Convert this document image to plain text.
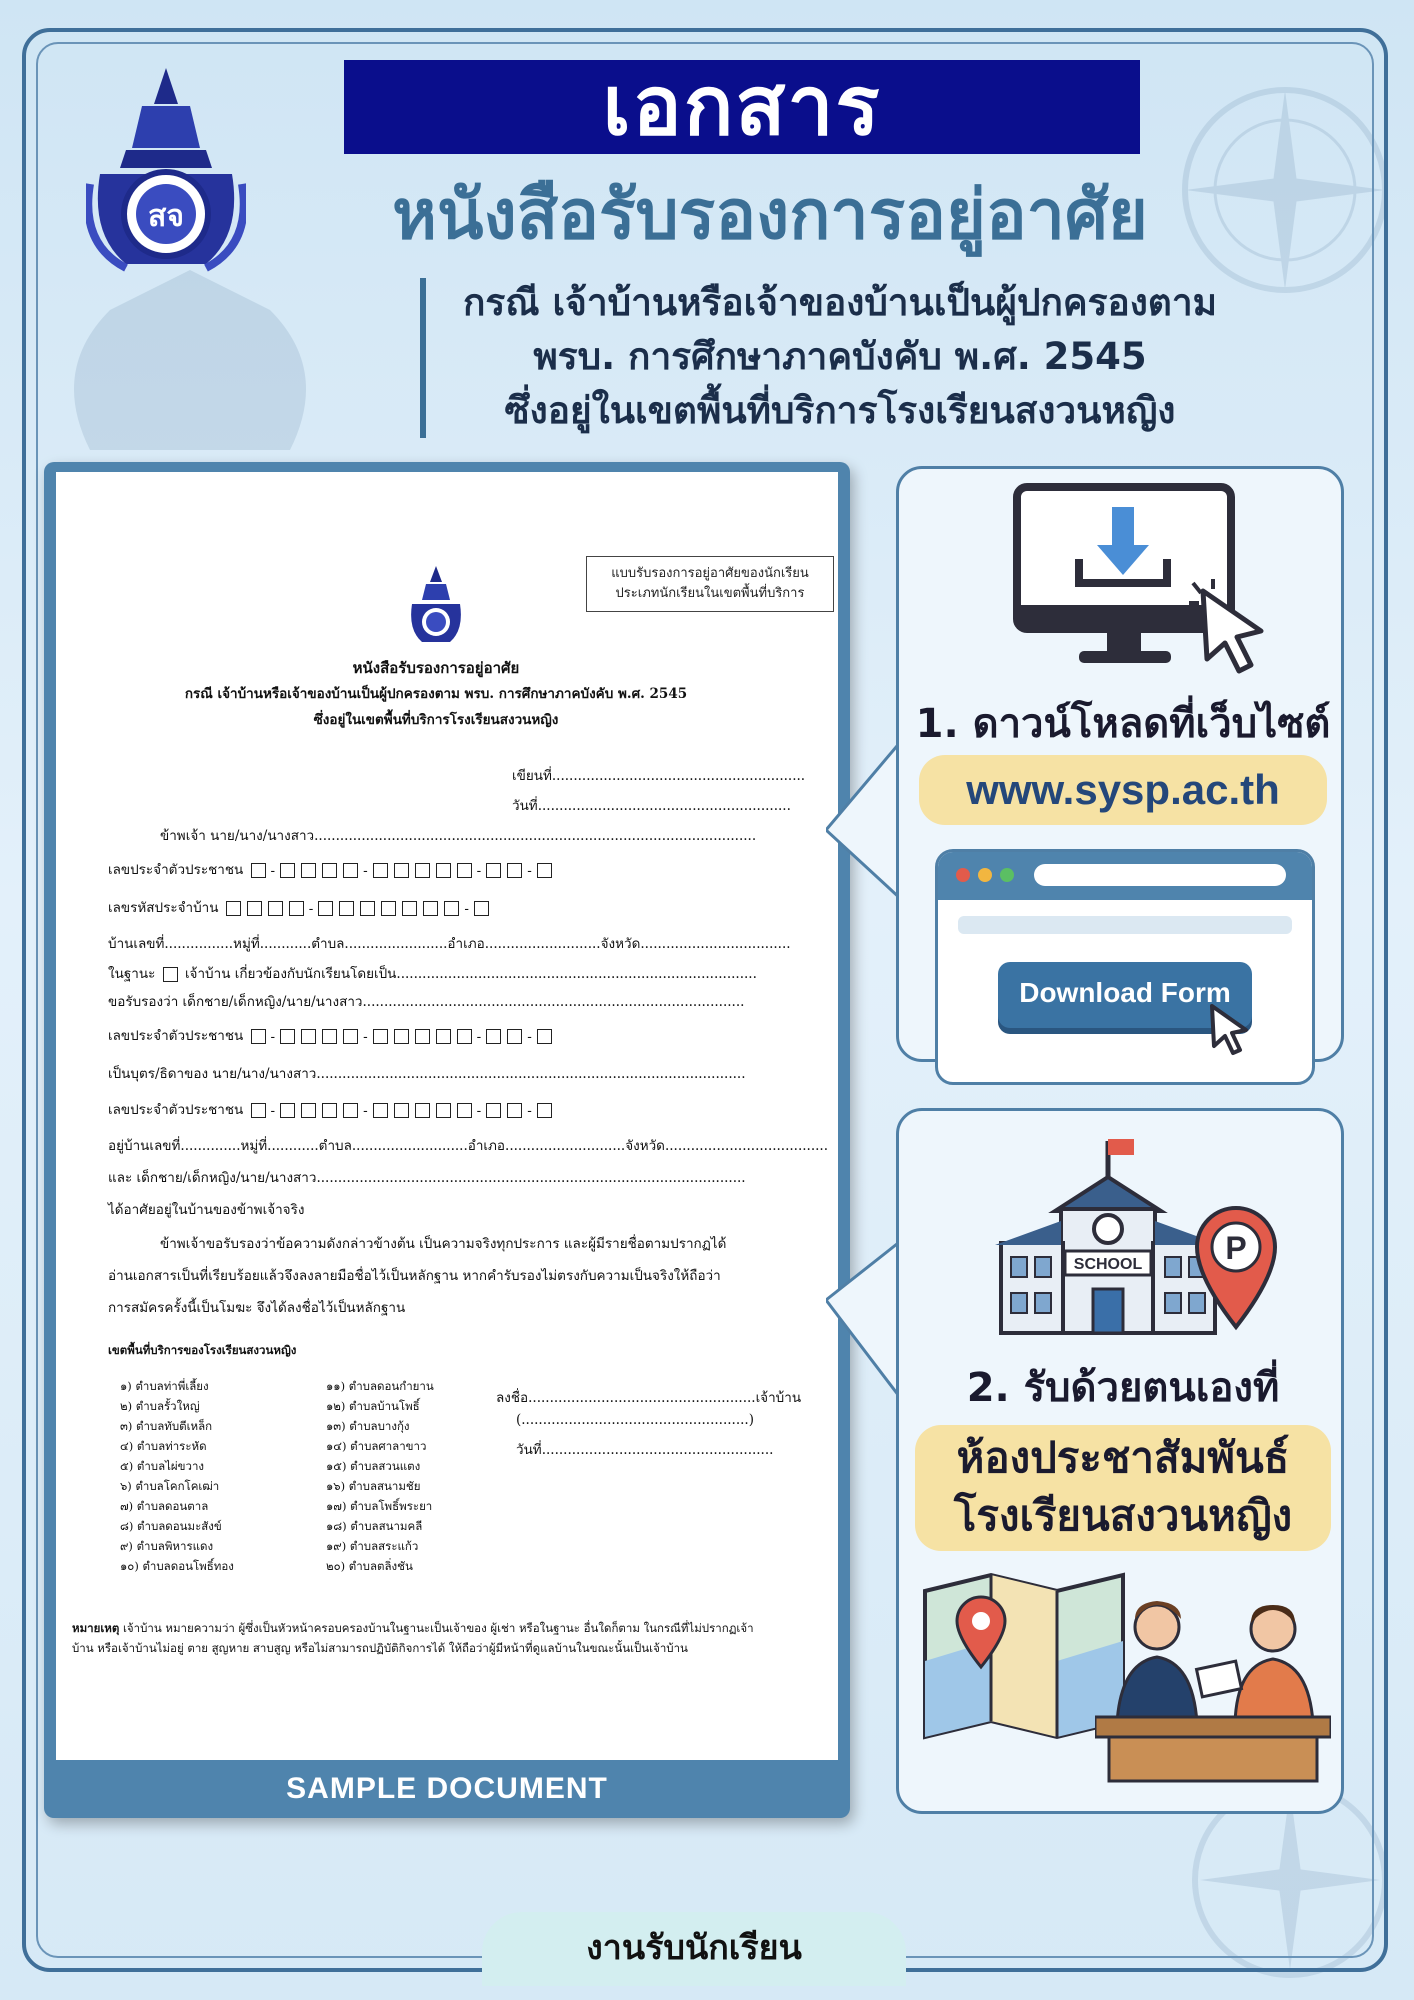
สจ
เอกสาร
หนังสือรับรองการอยู่อาศัย
กรณี เจ้าบ้านหรือเจ้าของบ้านเป็นผู้ปกครองตาม
พรบ. การศึกษาภาคบังคับ พ.ศ. 2545
ซึ่งอยู่ในเขตพื้นที่บริการโรงเรียนสงวนหญิง
แบบรับรองการอยู่อาศัยของนักเรียน
ประเภทนักเรียนในเขตพื้นที่บริการ
หนังสือรับรองการอยู่อาศัย
กรณี เจ้าบ้านหรือเจ้าของบ้านเป็นผู้ปกครองตาม พรบ. การศึกษาภาคบังคับ พ.ศ. 2545
ซึ่งอยู่ในเขตพื้นที่บริการโรงเรียนสงวนหญิง
เขียนที่...........................................................
วันที่...........................................................
ข้าพเจ้า นาย/นาง/นางสาว.......................................................................................................
เลขประจำตัวประชาชน -	-	-	-
เลขรหัสประจำบ้าน	-	-
บ้านเลขที่................หมู่ที่............ตำบล........................อำเภอ...........................จังหวัด...................................
ในฐานะ เจ้าบ้าน เกี่ยวข้องกับนักเรียนโดยเป็น....................................................................................
ขอรับรองว่า เด็กชาย/เด็กหญิง/นาย/นางสาว.........................................................................................
เลขประจำตัวประชาชน -	-	-	-
เป็นบุตร/ธิดาของ นาย/นาง/นางสาว....................................................................................................
เลขประจำตัวประชาชน -	-	-	-
อยู่บ้านเลขที่..............หมู่ที่............ตำบล...........................อำเภอ............................จังหวัด......................................
และ เด็กชาย/เด็กหญิง/นาย/นางสาว....................................................................................................
ได้อาศัยอยู่ในบ้านของข้าพเจ้าจริง
ข้าพเจ้าขอรับรองว่าข้อความดังกล่าวข้างต้น เป็นความจริงทุกประการ และผู้มีรายชื่อตามปรากฏได้
อ่านเอกสารเป็นที่เรียบร้อยแล้วจึงลงลายมือชื่อไว้เป็นหลักฐาน หากคำรับรองไม่ตรงกับความเป็นจริงให้ถือว่า
การสมัครครั้งนี้เป็นโมฆะ จึงได้ลงชื่อไว้เป็นหลักฐาน
เขตพื้นที่บริการของโรงเรียนสงวนหญิง
๑) ตำบลท่าพี่เลี้ยง
๒) ตำบลรั้วใหญ่
๓) ตำบลทับตีเหล็ก
๔) ตำบลท่าระหัด
๕) ตำบลไผ่ขวาง
๖) ตำบลโคกโคเฒ่า
๗) ตำบลดอนตาล
๘) ตำบลดอนมะสังข์
๙) ตำบลพิหารแดง
๑๐) ตำบลดอนโพธิ์ทอง
๑๑) ตำบลดอนกำยาน
๑๒) ตำบลบ้านโพธิ์
๑๓) ตำบลบางกุ้ง
๑๔) ตำบลศาลาขาว
๑๕) ตำบลสวนแตง
๑๖) ตำบลสนามชัย
๑๗) ตำบลโพธิ์พระยา
๑๘) ตำบลสนามคลี
๑๙) ตำบลสระแก้ว
๒๐) ตำบลตลิ่งชัน
ลงชื่อ.....................................................เจ้าบ้าน
(.....................................................)
วันที่......................................................
หมายเหตุ เจ้าบ้าน หมายความว่า ผู้ซึ่งเป็นหัวหน้าครอบครองบ้านในฐานะเป็นเจ้าของ ผู้เช่า หรือในฐานะ อื่นใดก็ตาม ในกรณีที่ไม่ปรากฏเจ้า
บ้าน หรือเจ้าบ้านไม่อยู่ ตาย สูญหาย สาบสูญ หรือไม่สามารถปฏิบัติกิจการได้ ให้ถือว่าผู้มีหน้าที่ดูแลบ้านในขณะนั้นเป็นเจ้าบ้าน
SAMPLE DOCUMENT
1. ดาวน์โหลดที่เว็บไซต์
www.sysp.ac.th
Download Form
SCHOOL	P
2. รับด้วยตนเองที่
ห้องประชาสัมพันธ์
โรงเรียนสงวนหญิง
งานรับนักเรียน
